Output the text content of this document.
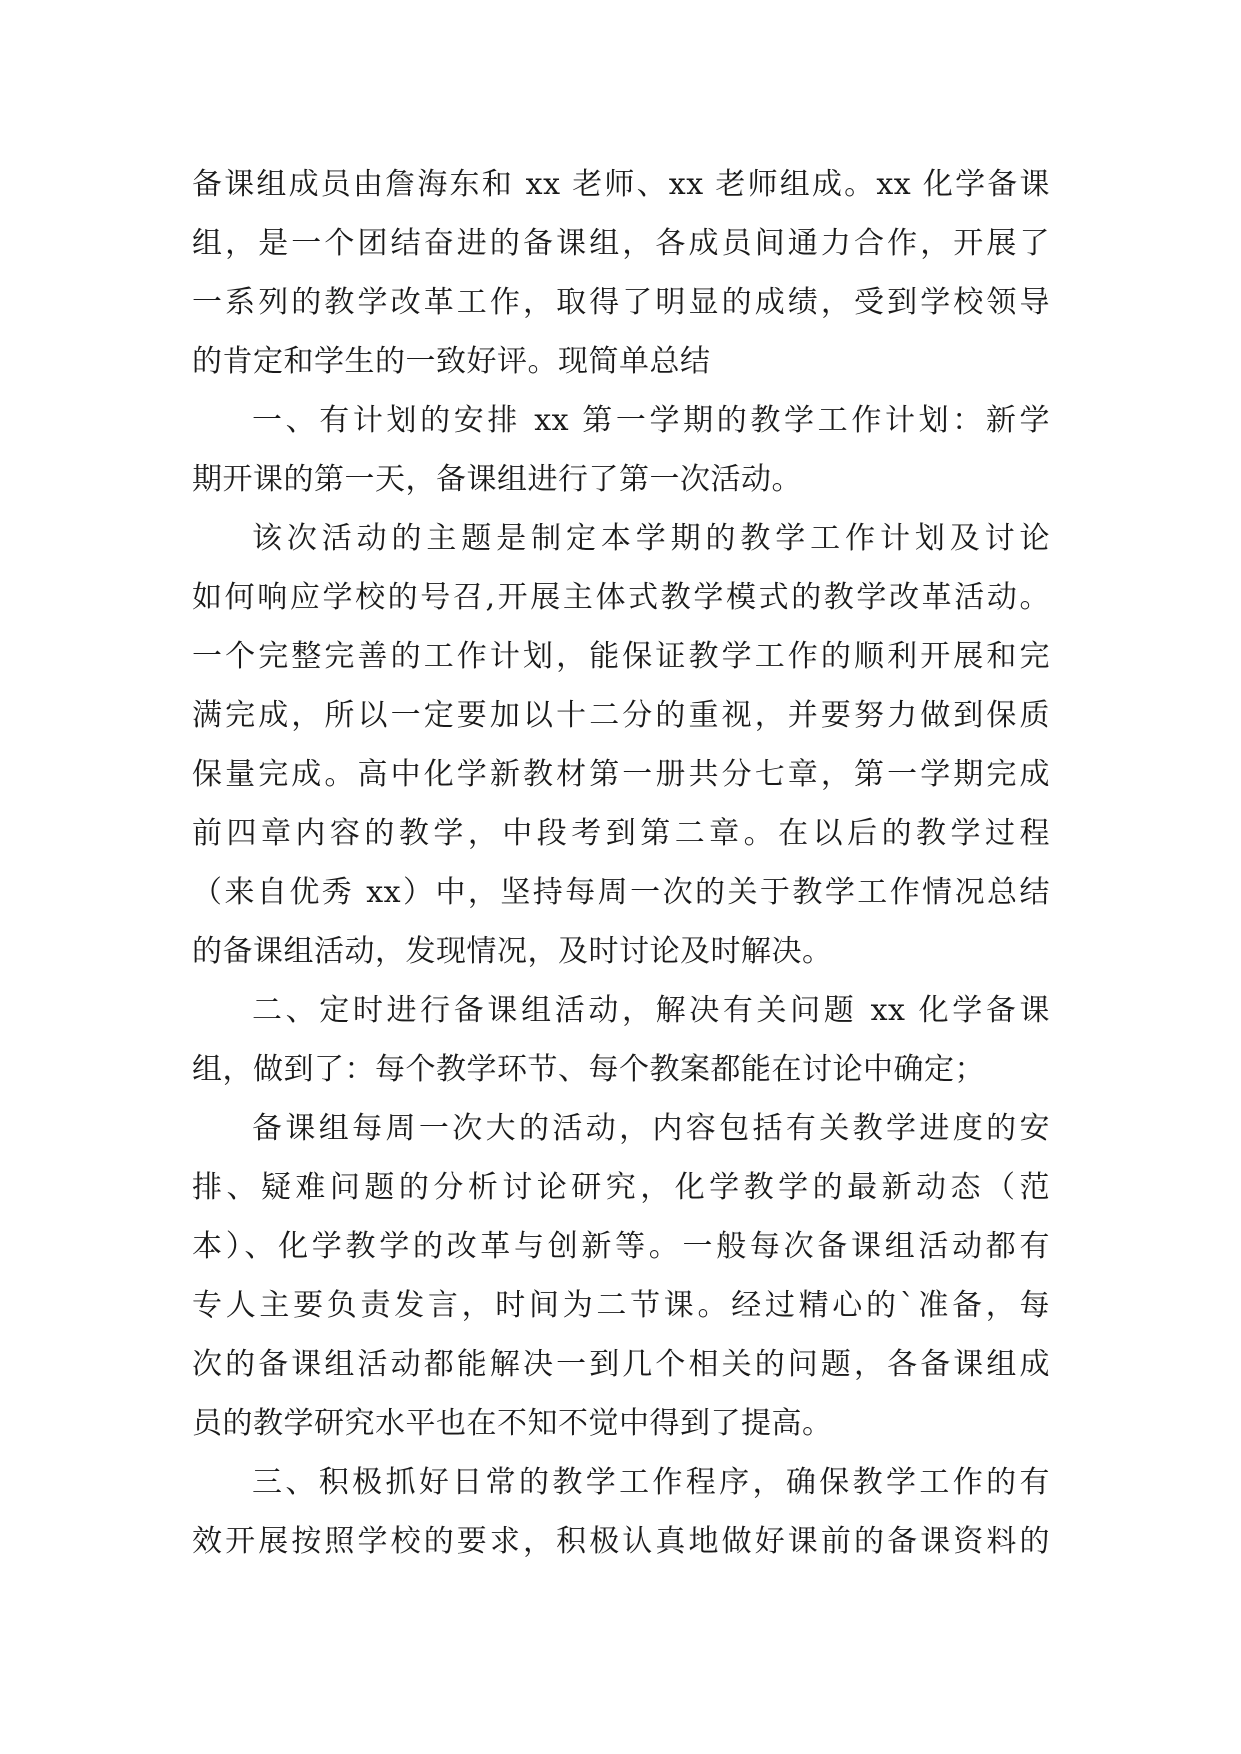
备课组成员由詹海东和 xx 老师、xx 老师组成。xx 化学备课
组，是一个团结奋进的备课组，各成员间通力合作，开展了
一系列的教学改革工作，取得了明显的成绩，受到学校领导
的肯定和学生的一致好评。现简单总结
一、有计划的安排 xx 第一学期的教学工作计划：新学
期开课的第一天，备课组进行了第一次活动。
该次活动的主题是制定本学期的教学工作计划及讨论
如何响应学校的号召,开展主体式教学模式的教学改革活动。
一个完整完善的工作计划，能保证教学工作的顺利开展和完
满完成，所以一定要加以十二分的重视，并要努力做到保质
保量完成。高中化学新教材第一册共分七章，第一学期完成
前四章内容的教学，中段考到第二章。在以后的教学过程
（来自优秀 xx）中，坚持每周一次的关于教学工作情况总结
的备课组活动，发现情况，及时讨论及时解决。
二、定时进行备课组活动，解决有关问题 xx 化学备课
组，做到了：每个教学环节、每个教案都能在讨论中确定；
备课组每周一次大的活动，内容包括有关教学进度的安
排、疑难问题的分析讨论研究，化学教学的最新动态（范
本）、化学教学的改革与创新等。一般每次备课组活动都有
专人主要负责发言，时间为二节课。经过精心的`准备，每
次的备课组活动都能解决一到几个相关的问题，各备课组成
员的教学研究水平也在不知不觉中得到了提高。
三、积极抓好日常的教学工作程序，确保教学工作的有
效开展按照学校的要求，积极认真地做好课前的备课资料的
